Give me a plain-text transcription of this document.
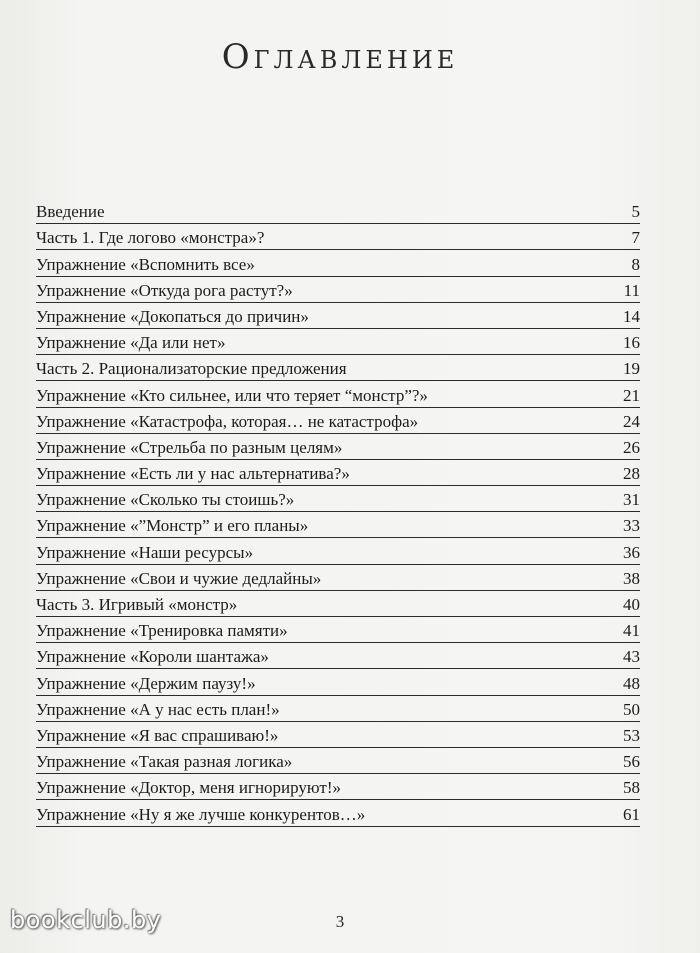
Оглавление
Введение	5
Часть 1. Где логово «монстра»?	7
Упражнение «Вспомнить все»	8
Упражнение «Откуда рога растут?»	11
Упражнение «Докопаться до причин»	14
Упражнение «Да или нет»	16
Часть 2. Рационализаторские предложения	19
Упражнение «Кто сильнее, или что теряет “монстр”?»	21
Упражнение «Катастрофа, которая… не катастрофа»	24
Упражнение «Стрельба по разным целям»	26
Упражнение «Есть ли у нас альтернатива?»	28
Упражнение «Сколько ты стоишь?»	31
Упражнение «”Монстр” и его планы»	33
Упражнение «Наши ресурсы»	36
Упражнение «Свои и чужие дедлайны»	38
Часть 3. Игривый «монстр»	40
Упражнение «Тренировка памяти»	41
Упражнение «Короли шантажа»	43
Упражнение «Держим паузу!»	48
Упражнение «А у нас есть план!»	50
Упражнение «Я вас спрашиваю!»	53
Упражнение «Такая разная логика»	56
Упражнение «Доктор, меня игнорируют!»	58
Упражнение «Ну я же лучше конкурентов…»	61
3
bookclub.by
